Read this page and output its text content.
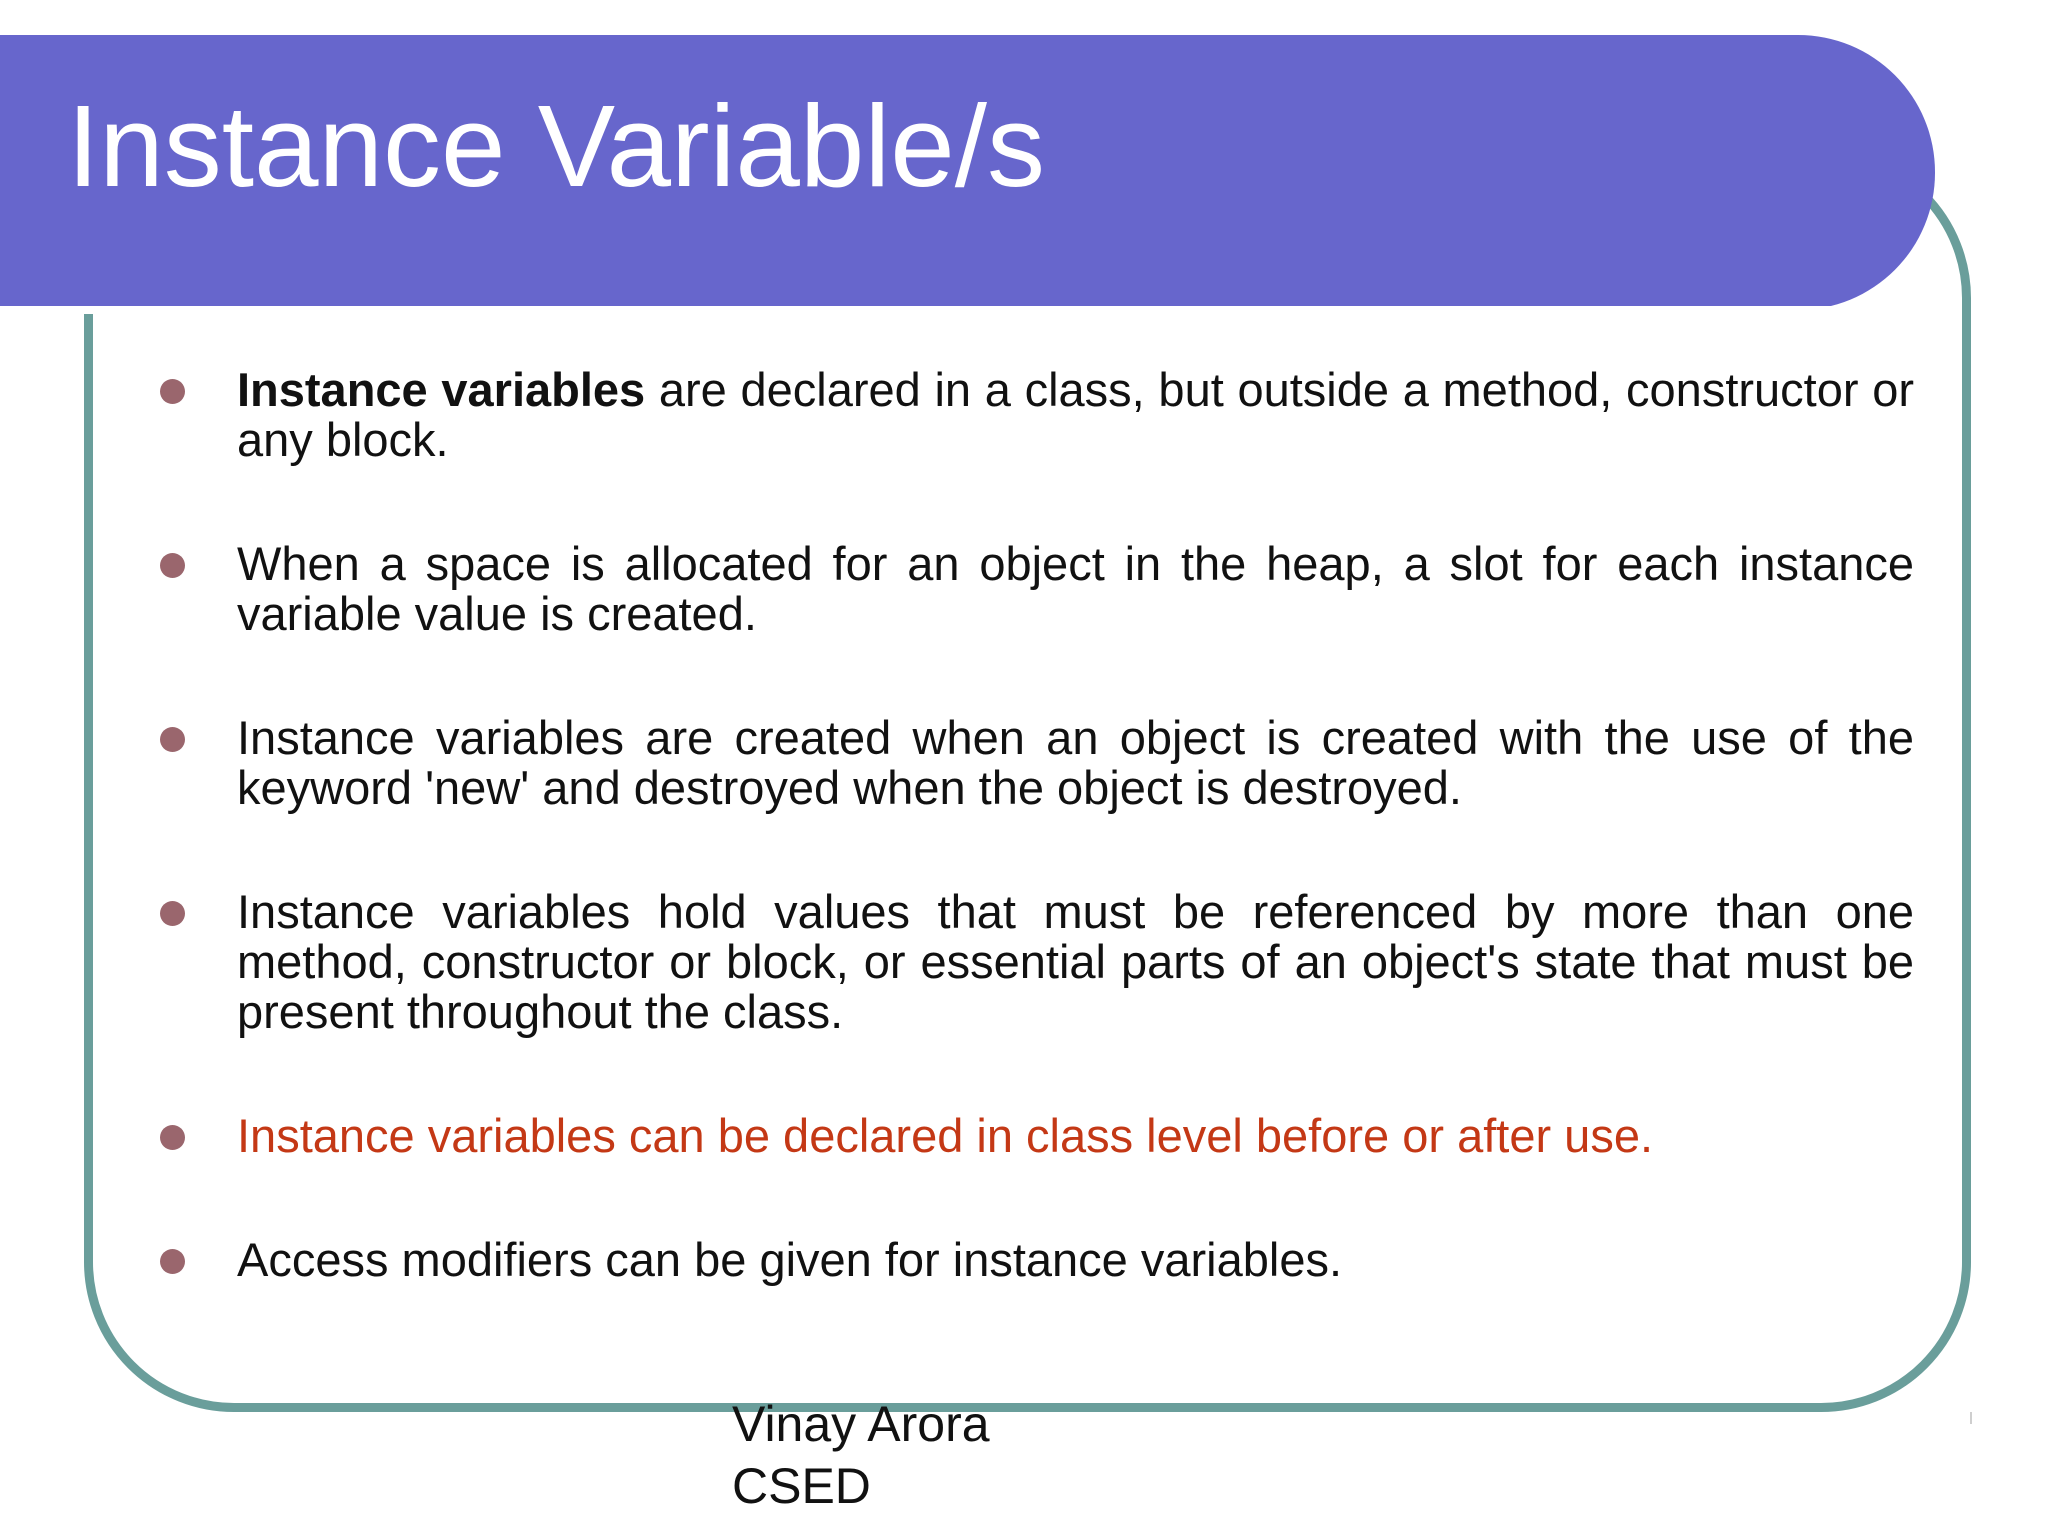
Instance Variable/s
Instance variables are declared in a class, but outside a method, constructor or any block.
When a space is allocated for an object in the heap, a slot for each instance variable value is created.
Instance variables are created when an object is created with the use of the keyword 'new' and destroyed when the object is destroyed.
Instance variables hold values that must be referenced by more than one method, constructor or block, or essential parts of an object's state that must be present throughout the class.
Instance variables can be declared in class level before or after use.
Access modifiers can be given for instance variables.
Vinay Arora
CSED
